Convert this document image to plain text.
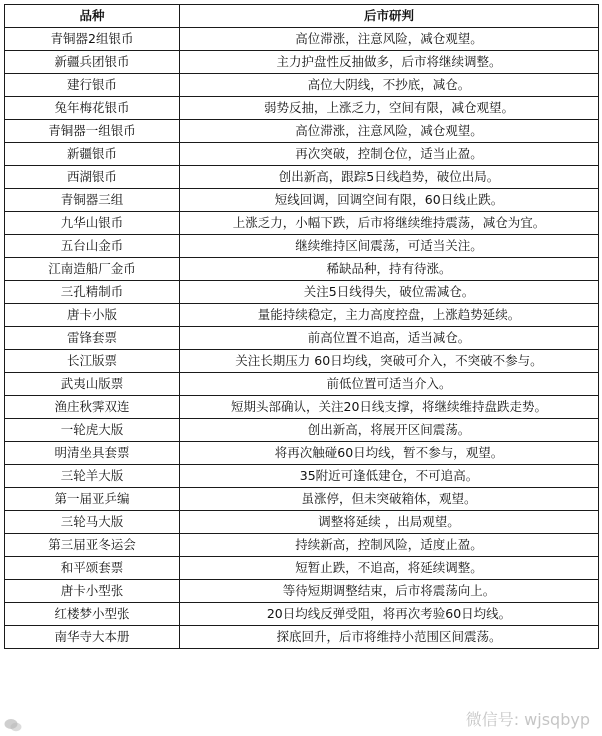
品种	后市研判
青铜器2组银币	高位滞涨，注意风险，减仓观望。
新疆兵团银币	主力护盘性反抽做多，后市将继续调整。
建行银币	高位大阴线，不抄底，减仓。
兔年梅花银币	弱势反抽，上涨乏力，空间有限，减仓观望。
青铜器一组银币	高位滞涨，注意风险，减仓观望。
新疆银币	再次突破，控制仓位，适当止盈。
西湖银币	创出新高，跟踪5日线趋势，破位出局。
青铜器三组	短线回调，回调空间有限，60日线止跌。
九华山银币	上涨乏力，小幅下跌，后市将继续维持震荡，减仓为宜。
五台山金币	继续维持区间震荡，可适当关注。
江南造船厂金币	稀缺品种，持有待涨。
三孔精制币	关注5日线得失，破位需减仓。
唐卡小版	量能持续稳定，主力高度控盘，上涨趋势延续。
雷锋套票	前高位置不追高，适当减仓。
长江版票	关注长期压力 60日均线，突破可介入，不突破不参与。
武夷山版票	前低位置可适当介入。
渔庄秋霁双连	短期头部确认，关注20日线支撑，将继续维持盘跌走势。
一轮虎大版	创出新高，将展开区间震荡。
明清坐具套票	将再次触碰60日均线，暂不参与，观望。
三轮羊大版	35附近可逢低建仓，不可追高。
第一届亚乒编	虽涨停，但未突破箱体，观望。
三轮马大版	调整将延续 ，出局观望。
第三届亚冬运会	持续新高，控制风险，适度止盈。
和平颂套票	短暂止跌，不追高，将延续调整。
唐卡小型张	等待短期调整结束，后市将震荡向上。
红楼梦小型张	20日均线反弹受阻，将再次考验60日均线。
南华寺大本册	探底回升，后市将维持小范围区间震荡。
微信号: wjsqbyp
